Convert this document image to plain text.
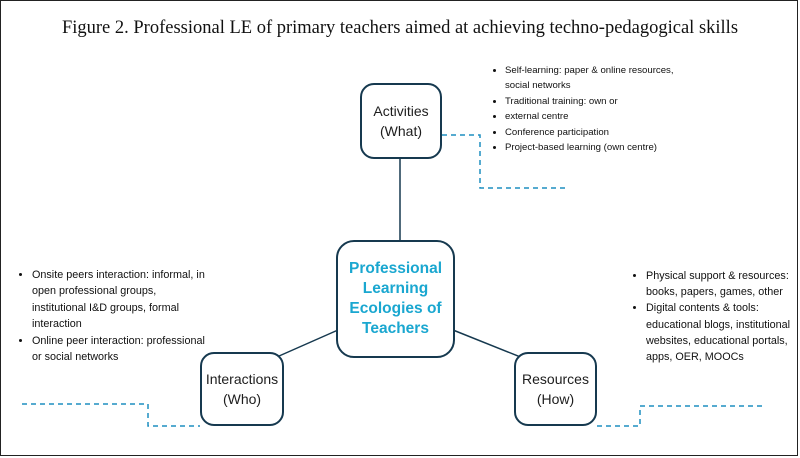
Figure 2. Professional LE of primary teachers aimed at achieving techno-pedagogical skills
Activities
(What)
Professional
Learning
Ecologies of
Teachers
Interactions
(Who)
Resources
(How)
• Self-learning: paper & online resources, social networks
• Traditional training: own or
• external centre
• Conference participation
• Project-based learning (own centre)
• Onsite peers interaction: informal, in open professional groups, institutional I&D groups, formal interaction
• Online peer interaction: professional or social networks
• Physical support & resources: books, papers, games, other
• Digital contents & tools: educational blogs, institutional websites, educational portals, apps, OER, MOOCs
